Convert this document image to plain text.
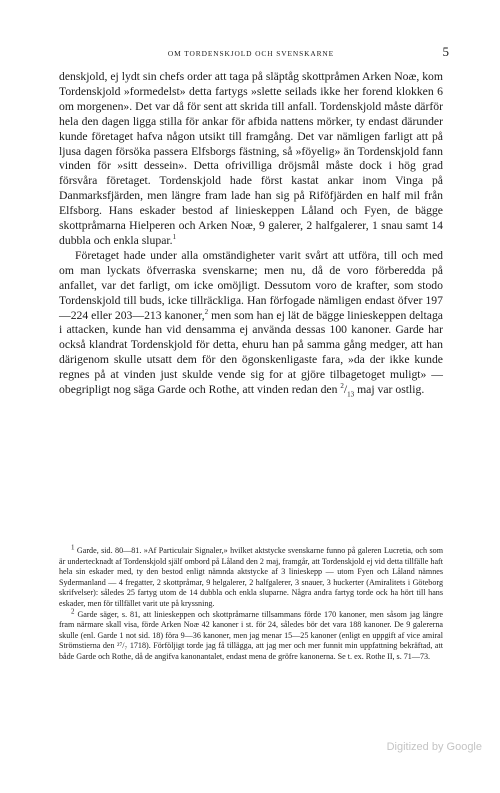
OM TORDENSKJOLD OCH SVENSKARNE	5

denskjold, ej lydt sin chefs order att taga på släptåg skottpråmen Arken Noæ, kom Tordenskjold »formedelst» detta fartygs »slette seilads ikke her forend klokken 6 om morgenen». Det var då för sent att skrida till anfall. Tordenskjold måste därför hela den dagen ligga stilla för ankar för afbida nattens mörker, ty endast därunder kunde företaget hafva någon utsikt till framgång. Det var nämligen farligt att på ljusa dagen försöka passera Elfsborgs fästning, så »föyelig» än Tordenskjold fann vinden för »sitt dessein». Detta ofrivilliga dröjsmål måste dock i hög grad försvåra företaget. Tordenskjold hade först kastat ankar inom Vinga på Danmarksfjärden, men längre fram lade han sig på Riföfjärden en half mil från Elfsborg. Hans eskader bestod af linieskeppen Låland och Fyen, de bägge skottpråmarna Hielperen och Arken Noæ, 9 galerer, 2 halfgalerer, 1 snau samt 14 dubbla och enkla slupar.$^1$

Företaget hade under alla omständigheter varit svårt att utföra, till och med om man lyckats öfverraska svenskarne; men nu, då de voro förberedda på anfallet, var det farligt, om icke omöjligt. Dessutom voro de krafter, som stodo Tordenskjold till buds, icke tillräckliga. Han förfogade nämligen endast öfver 197—224 eller 203—213 kanoner,$^2$ men som han ej lät de bägge linieskeppen deltaga i attacken, kunde han vid densamma ej använda dessas 100 kanoner. Garde har också klandrat Tordenskjold för detta, ehuru han på samma gång medger, att han därigenom skulle utsatt dem för den ögonskenligaste fara, »da der ikke kunde regnes på at vinden just skulde vende sig for at gjöre tilbagetoget muligt» — obegripligt nog säga Garde och Rothe, att vinden redan den $^2/_{13}$ maj var ostlig.

$^1$ Garde, sid. 80—81. »Af Particulair Signaler,» hvilket aktstycke svenskarne funno på galeren Lucretia, och som är undertecknadt af Tordenskjold själf ombord på Låland den 2 maj, framgår, att Tordenskjold ej vid detta tillfälle haft hela sin eskader med, ty den bestod enligt nämnda aktstycke af 3 linieskepp — utom Fyen och Låland nämnes Sydermanland — 4 fregatter, 2 skottpråmar, 9 helgalerer, 2 halfgalerer, 3 snauer, 3 huckerter (Amiralitets i Göteborg skrifvelser): således 25 fartyg utom de 14 dubbla och enkla sluparne. Några andra fartyg torde ock ha hört till hans eskader, men för tillfället varit ute på kryssning.

$^2$ Garde säger, s. 81, att linieskeppen och skottpråmarne tillsammans förde 170 kanoner, men såsom jag längre fram närmare skall visa, förde Arken Noæ 42 kanoner i st. för 24, således bör det vara 188 kanoner. De 9 galererna skulle (enl. Garde 1 not sid. 18) föra 9—36 kanoner, men jag menar 15—25 kanoner (enligt en uppgift af vice amiral Strömstierna den ²⁷/₇ 1718). Förföljigt torde jag få tillägga, att jag mer och mer funnit min uppfattning bekräftad, att både Garde och Rothe, då de angifva kanonantalet, endast mena de gröfre kanonerna. Se t. ex. Rothe II, s. 71—73.

Digitized by Google
